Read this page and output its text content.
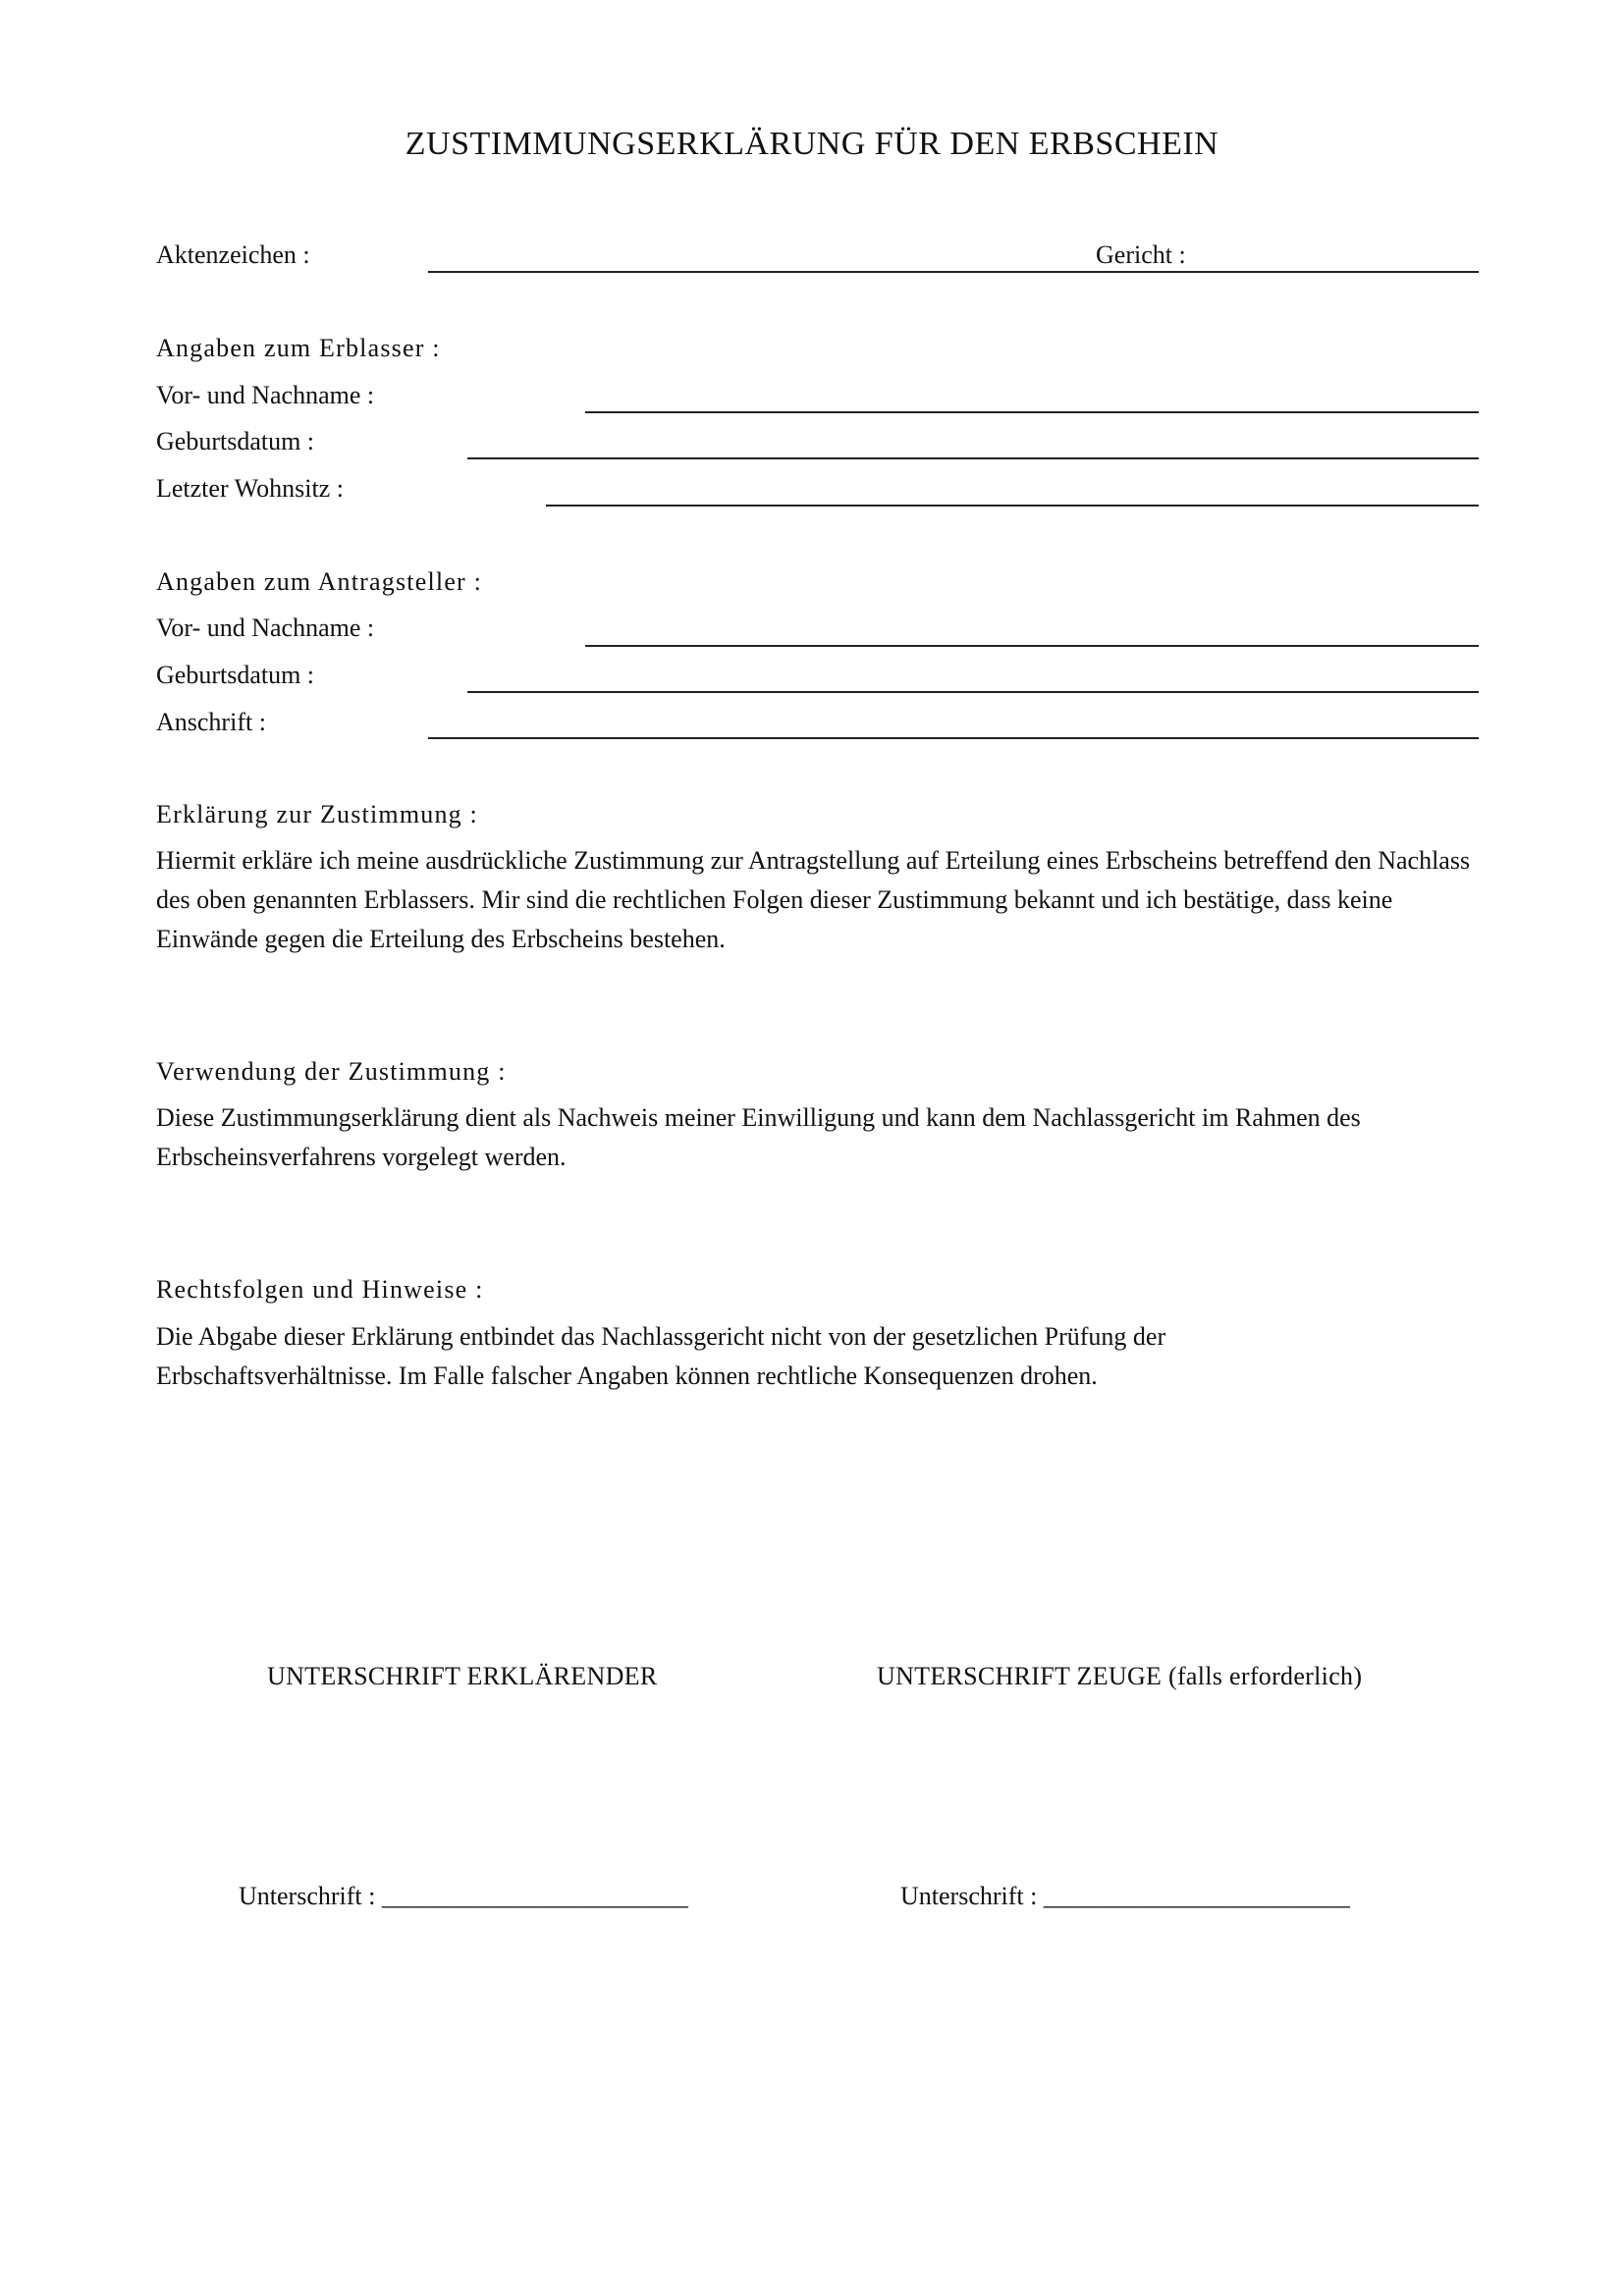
ZUSTIMMUNGSERKLÄRUNG FÜR DEN ERBSCHEIN
Aktenzeichen :	Gericht :
Angaben zum Erblasser :
Vor- und Nachname :
Geburtsdatum :
Letzter Wohnsitz :
Angaben zum Antragsteller :
Vor- und Nachname :
Geburtsdatum :
Anschrift :
Erklärung zur Zustimmung :
Hiermit erkläre ich meine ausdrückliche Zustimmung zur Antragstellung auf Erteilung eines Erbscheins betreffend den Nachlass des oben genannten Erblassers. Mir sind die rechtlichen Folgen dieser Zustimmung bekannt und ich bestätige, dass keine Einwände gegen die Erteilung des Erbscheins bestehen.
Verwendung der Zustimmung :
Diese Zustimmungserklärung dient als Nachweis meiner Einwilligung und kann dem Nachlassgericht im Rahmen des Erbscheinsverfahrens vorgelegt werden.
Rechtsfolgen und Hinweise :
Die Abgabe dieser Erklärung entbindet das Nachlassgericht nicht von der gesetzlichen Prüfung der Erbschaftsverhältnisse. Im Falle falscher Angaben können rechtliche Konsequenzen drohen.
UNTERSCHRIFT ERKLÄRENDER	UNTERSCHRIFT ZEUGE (falls erforderlich)
Unterschrift : ________________________	Unterschrift : ________________________
